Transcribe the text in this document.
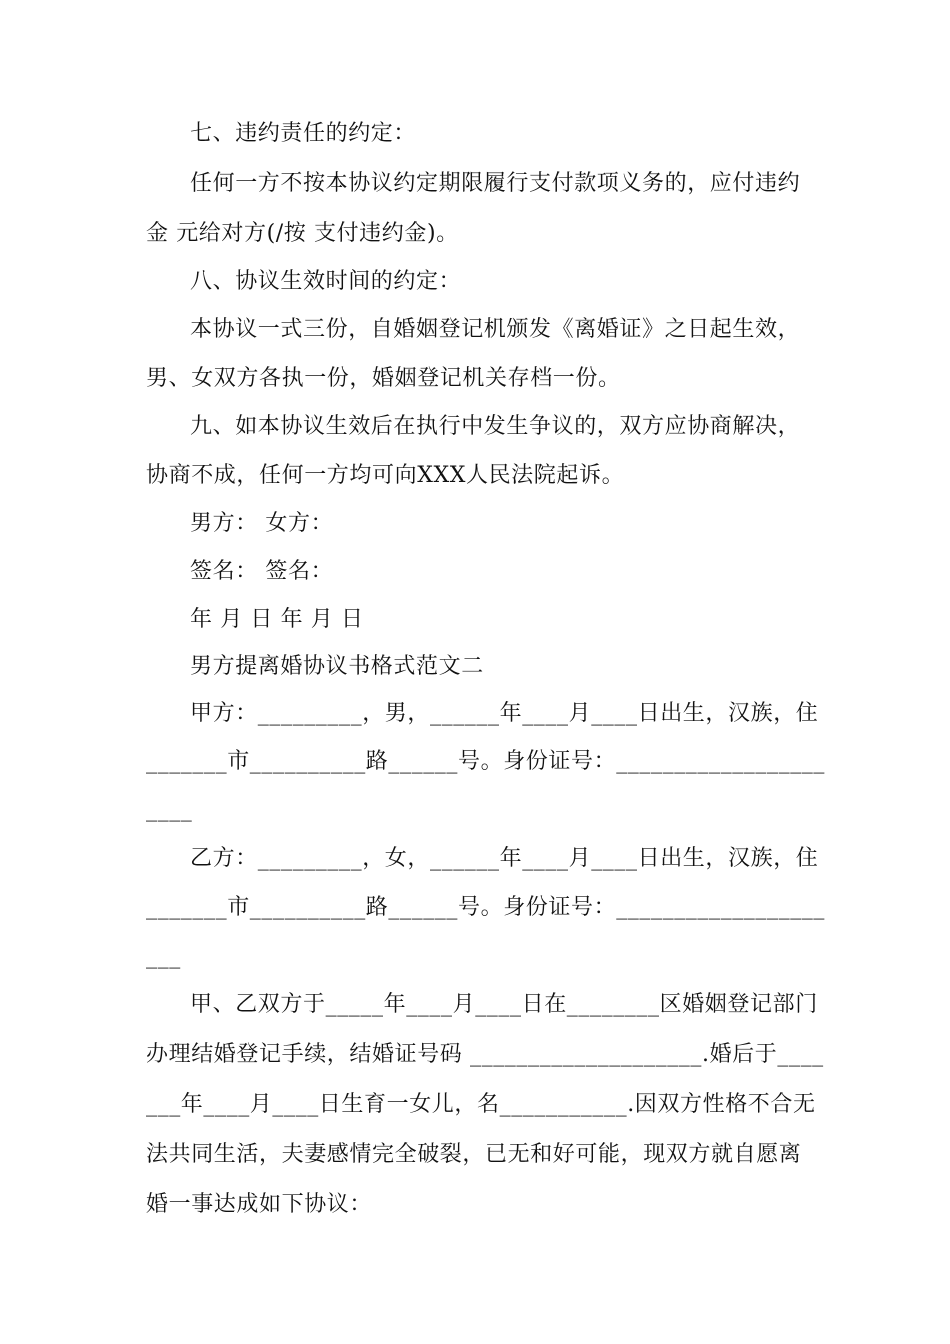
七、违约责任的约定：
任何一方不按本协议约定期限履行支付款项义务的，应付违约
金 元给对方(/按 支付违约金)。
八、协议生效时间的约定：
本协议一式三份，自婚姻登记机颁发《离婚证》之日起生效，
男、女双方各执一份，婚姻登记机关存档一份。
九、如本协议生效后在执行中发生争议的，双方应协商解决，
协商不成，任何一方均可向XXX人民法院起诉。
男方： 女方：
签名： 签名：
年 月 日 年 月 日
男方提离婚协议书格式范文二
甲方：_________，男，______年____月____日出生，汉族，住
_______市__________路______号。身份证号：__________________
____
乙方：_________，女，______年____月____日出生，汉族，住
_______市__________路______号。身份证号：__________________
___
甲、乙双方于_____年____月____日在________区婚姻登记部门
办理结婚登记手续，结婚证号码 ____________________.婚后于____
___年____月____日生育一女儿，名___________.因双方性格不合无
法共同生活，夫妻感情完全破裂，已无和好可能，现双方就自愿离
婚一事达成如下协议：
